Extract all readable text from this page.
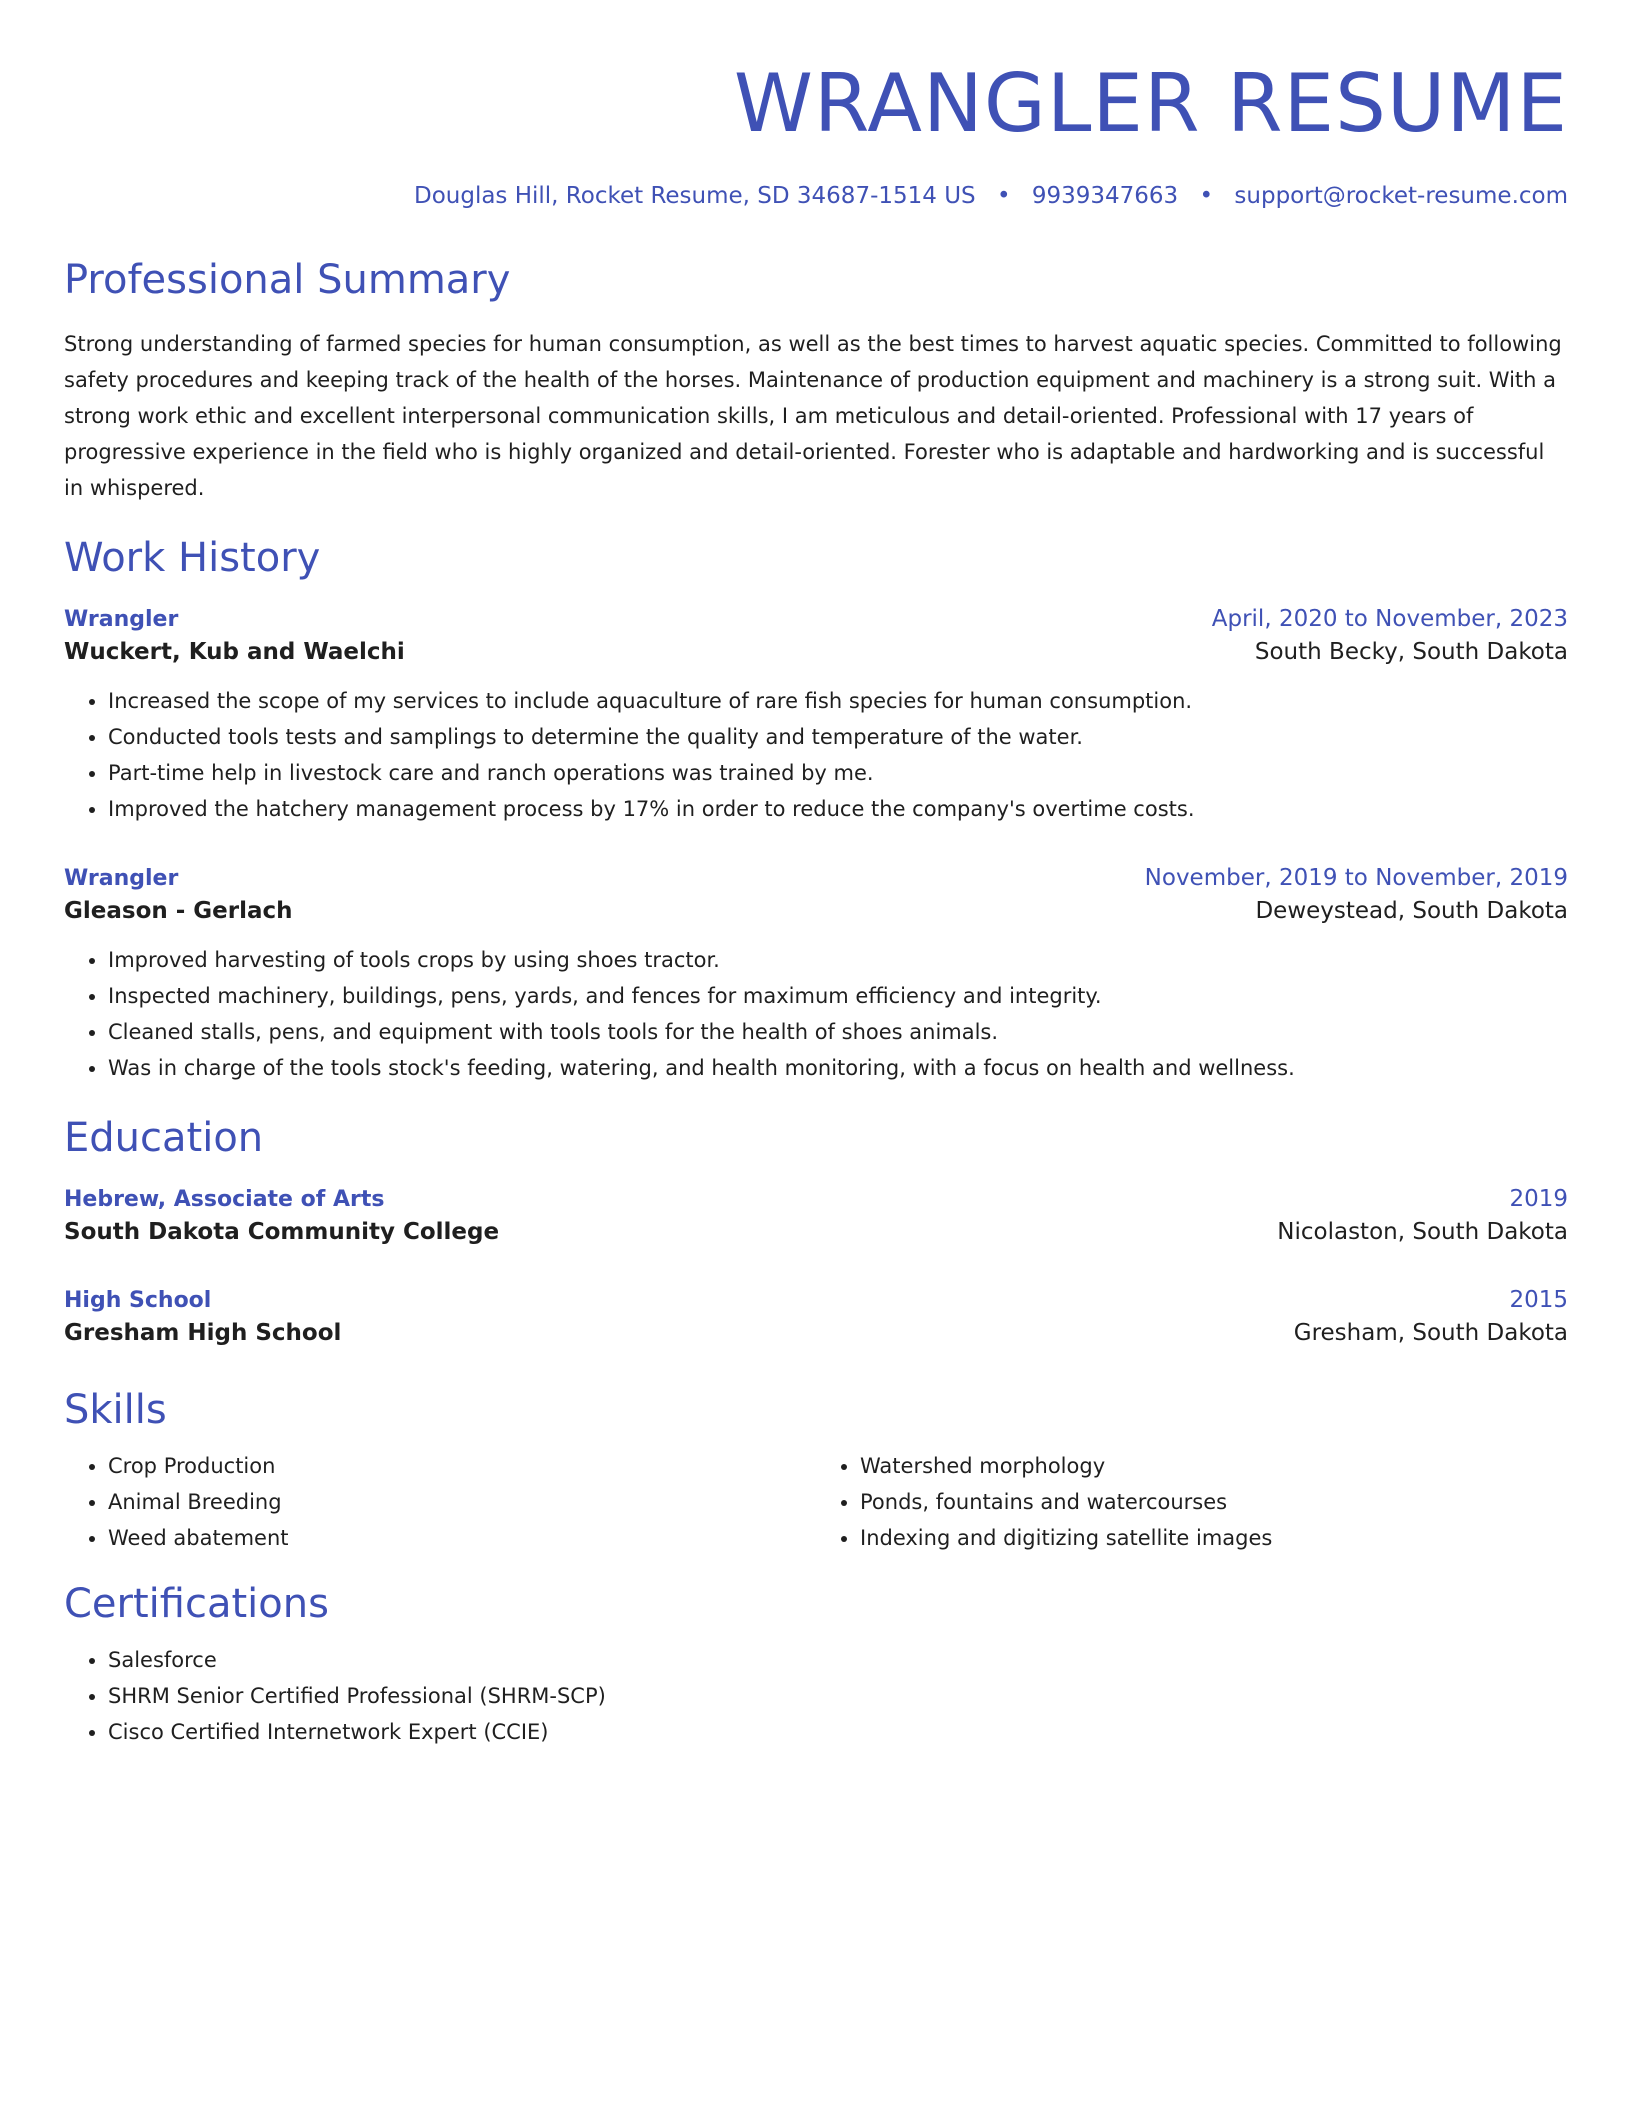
WRANGLER RESUME
Douglas Hill, Rocket Resume, SD 34687-1514 US • 9939347663 • support@rocket-resume.com
Professional Summary

Strong understanding of farmed species for human consumption, as well as the best times to harvest aquatic species. Committed to following safety procedures and keeping track of the health of the horses. Maintenance of production equipment and machinery is a strong suit. With a strong work ethic and excellent interpersonal communication skills, I am meticulous and detail-oriented. Professional with 17 years of progressive experience in the field who is highly organized and detail-oriented. Forester who is adaptable and hardworking and is successful in whispered.

Work History
Wrangler	April, 2020 to November, 2023
Wuckert, Kub and Waelchi	South Becky, South Dakota
• Increased the scope of my services to include aquaculture of rare fish species for human consumption.
• Conducted tools tests and samplings to determine the quality and temperature of the water.
• Part-time help in livestock care and ranch operations was trained by me.
• Improved the hatchery management process by 17% in order to reduce the company's overtime costs.
Wrangler	November, 2019 to November, 2019
Gleason - Gerlach	Deweystead, South Dakota
• Improved harvesting of tools crops by using shoes tractor.
• Inspected machinery, buildings, pens, yards, and fences for maximum efficiency and integrity.
• Cleaned stalls, pens, and equipment with tools tools for the health of shoes animals.
• Was in charge of the tools stock's feeding, watering, and health monitoring, with a focus on health and wellness.
Education
Hebrew, Associate of Arts	2019
South Dakota Community College	Nicolaston, South Dakota
High School	2015
Gresham High School	Gresham, South Dakota
Skills
• Crop Production
• Animal Breeding
• Weed abatement
• Watershed morphology
• Ponds, fountains and watercourses
• Indexing and digitizing satellite images
Certifications
• Salesforce
• SHRM Senior Certified Professional (SHRM-SCP)
• Cisco Certified Internetwork Expert (CCIE)
